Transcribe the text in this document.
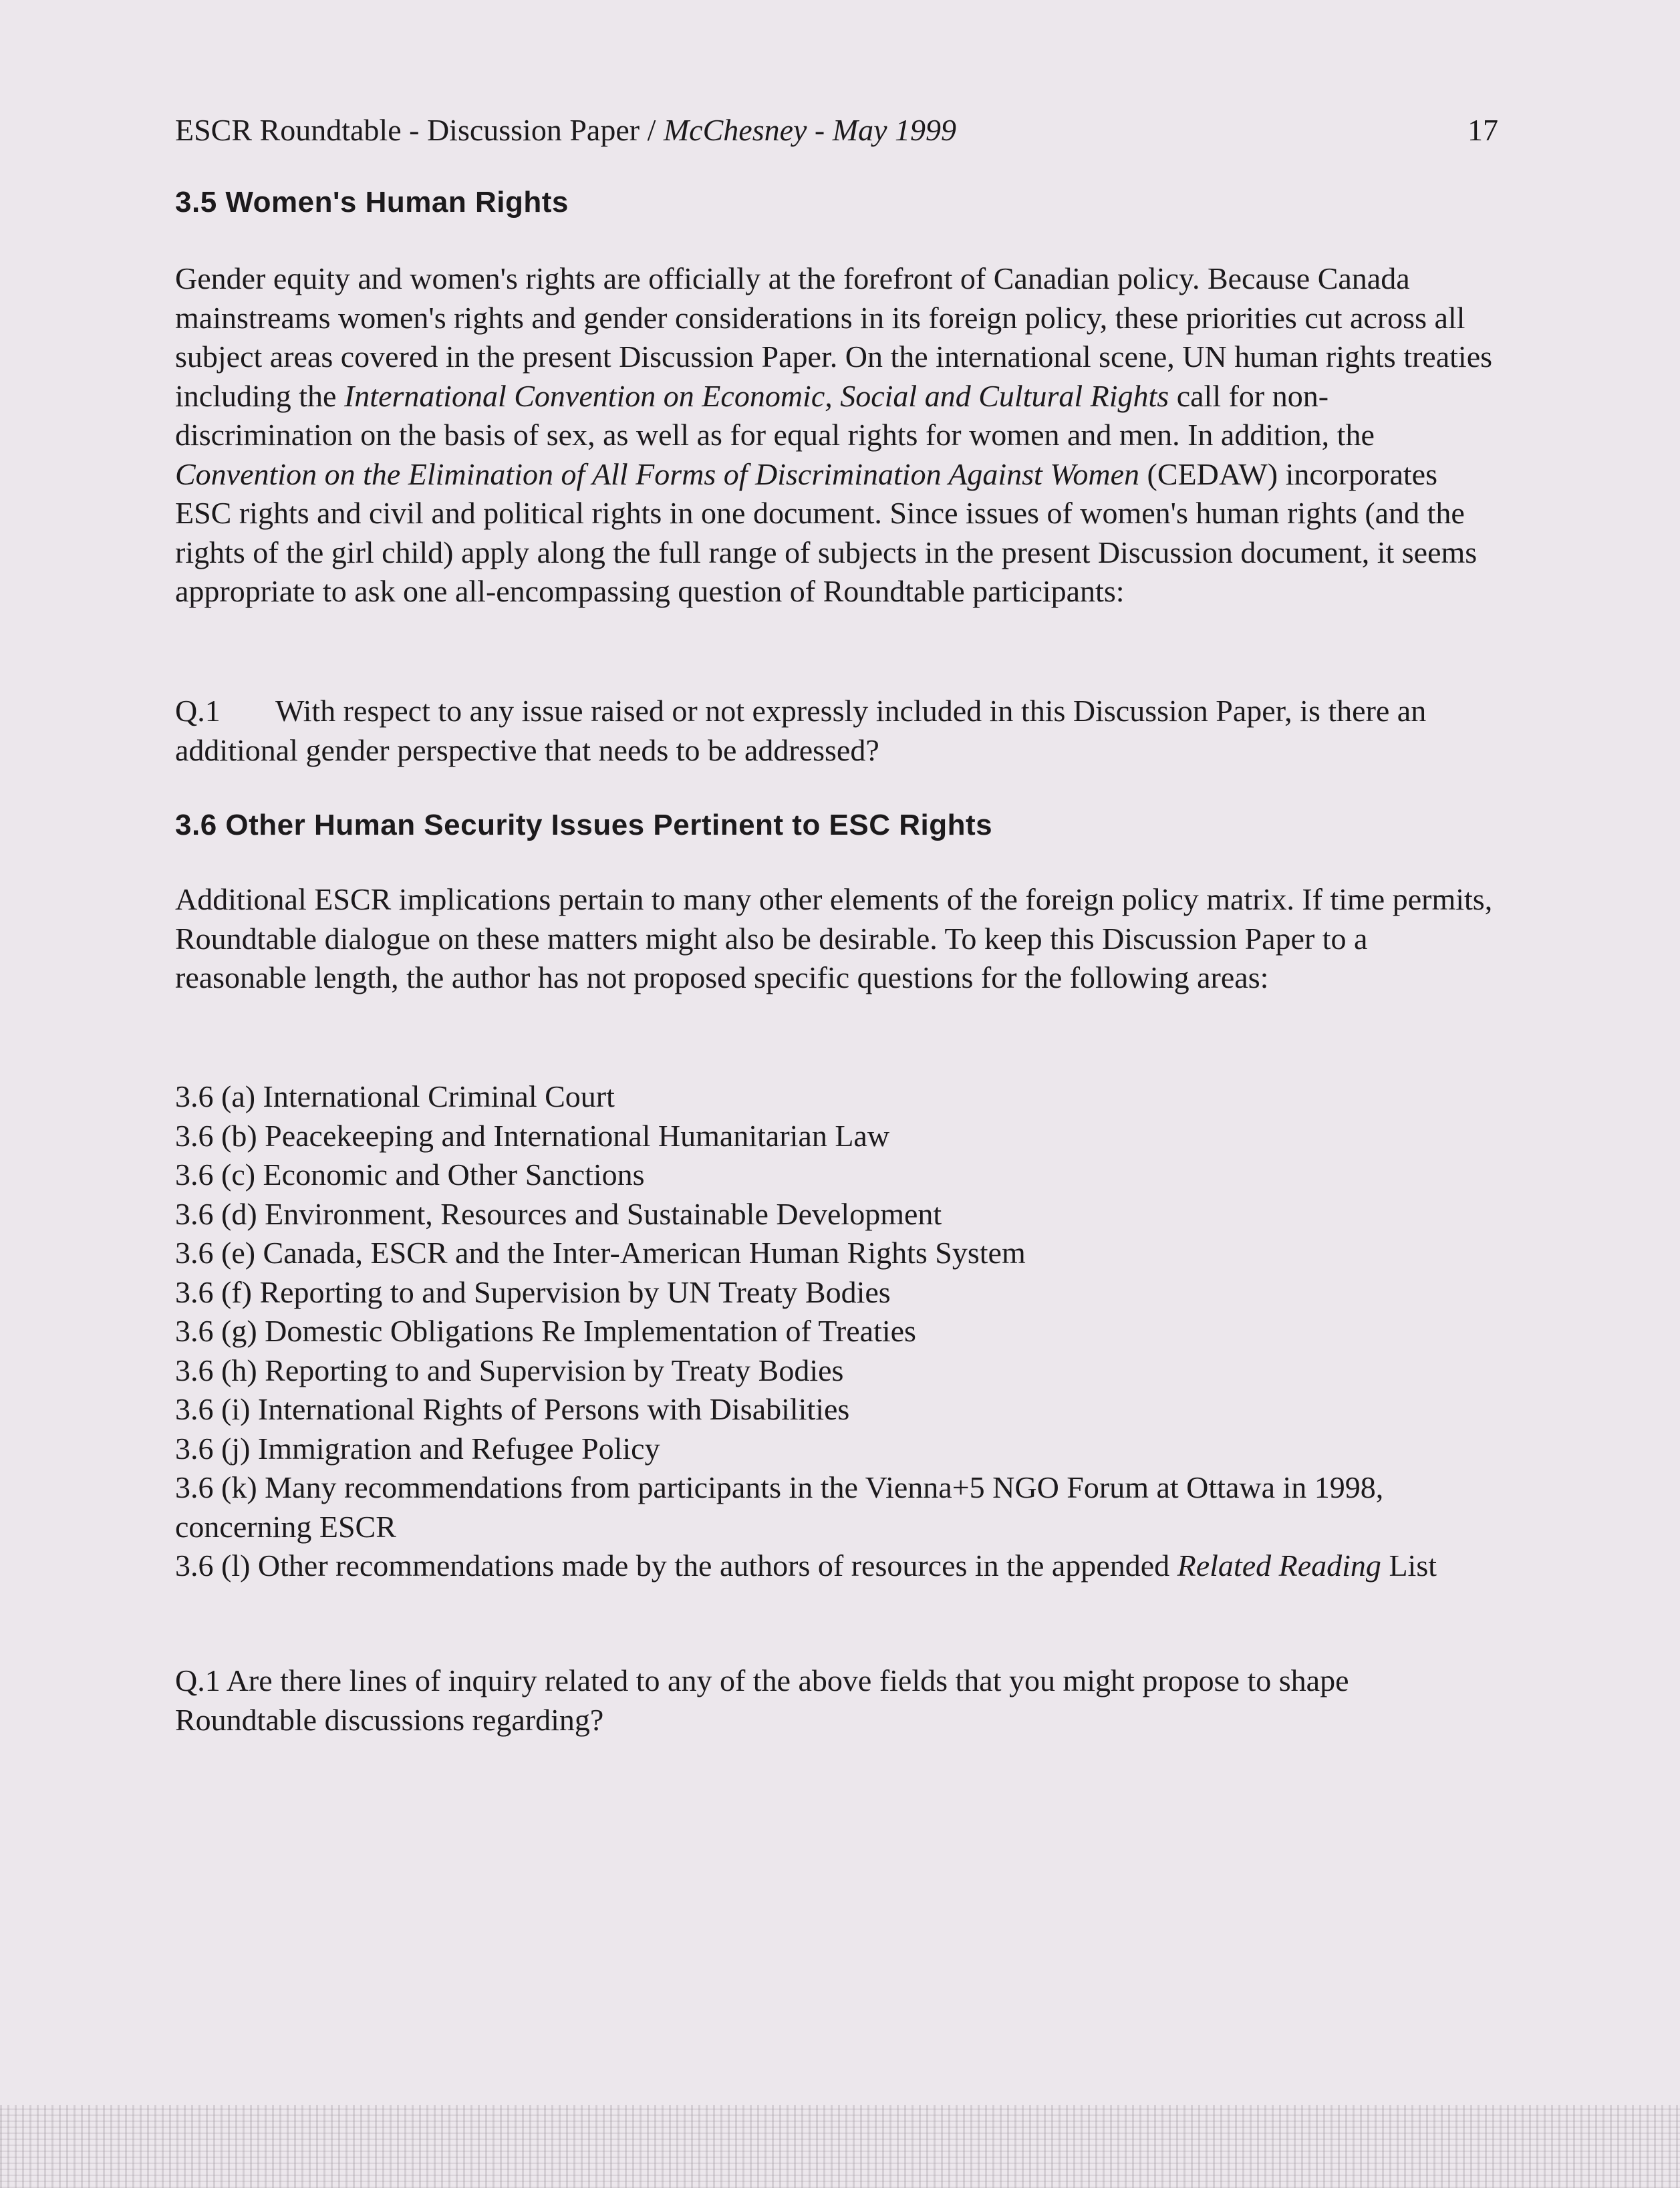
ESCR Roundtable - Discussion Paper / McChesney - May 1999	17
3.5 Women's Human Rights
Gender equity and women's rights are officially at the forefront of Canadian policy. Because Canada mainstreams women's rights and gender considerations in its foreign policy, these priorities cut across all subject areas covered in the present Discussion Paper. On the international scene, UN human rights treaties including the International Convention on Economic, Social and Cultural Rights call for non-discrimination on the basis of sex, as well as for equal rights for women and men. In addition, the Convention on the Elimination of All Forms of Discrimination Against Women (CEDAW) incorporates ESC rights and civil and political rights in one document. Since issues of women's human rights (and the rights of the girl child) apply along the full range of subjects in the present Discussion document, it seems appropriate to ask one all-encompassing question of Roundtable participants:
Q.1 With respect to any issue raised or not expressly included in this Discussion Paper, is there an additional gender perspective that needs to be addressed?
3.6 Other Human Security Issues Pertinent to ESC Rights
Additional ESCR implications pertain to many other elements of the foreign policy matrix. If time permits, Roundtable dialogue on these matters might also be desirable. To keep this Discussion Paper to a reasonable length, the author has not proposed specific questions for the following areas:
3.6 (a) International Criminal Court
3.6 (b) Peacekeeping and International Humanitarian Law
3.6 (c) Economic and Other Sanctions
3.6 (d) Environment, Resources and Sustainable Development
3.6 (e) Canada, ESCR and the Inter-American Human Rights System
3.6 (f) Reporting to and Supervision by UN Treaty Bodies
3.6 (g) Domestic Obligations Re Implementation of Treaties
3.6 (h) Reporting to and Supervision by Treaty Bodies
3.6 (i) International Rights of Persons with Disabilities
3.6 (j) Immigration and Refugee Policy
3.6 (k) Many recommendations from participants in the Vienna+5 NGO Forum at Ottawa in 1998, concerning ESCR
3.6 (l) Other recommendations made by the authors of resources in the appended Related Reading List
Q.1 Are there lines of inquiry related to any of the above fields that you might propose to shape Roundtable discussions regarding?
